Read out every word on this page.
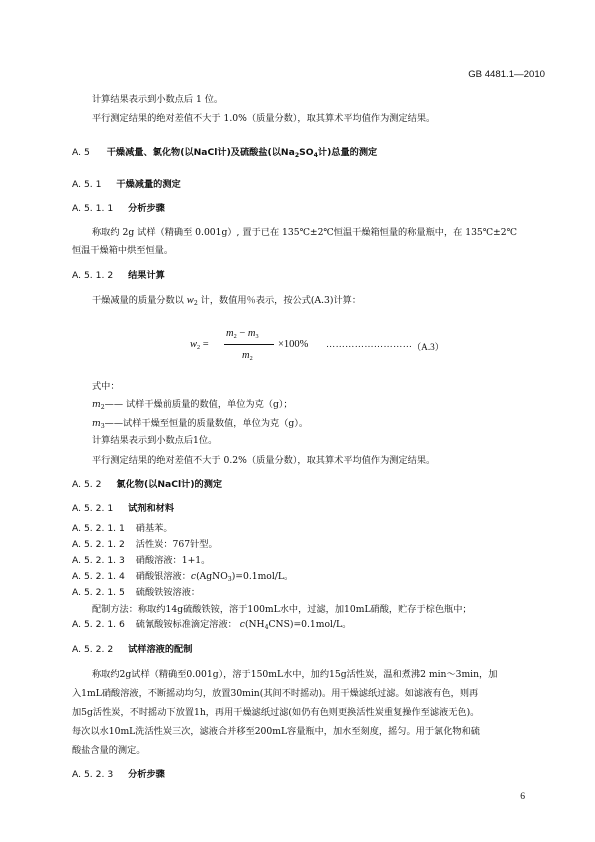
GB 4481.1—2010
计算结果表示到小数点后 1 位。
平行测定结果的绝对差值不大于 1.0%（质量分数），取其算术平均值作为测定结果。
A. 5 干燥减量、氯化物(以NaCl计)及硫酸盐(以$Na_2SO_4$计)总量的测定
A. 5. 1 干燥减量的测定
A. 5. 1. 1 分析步骤
称取约 2g 试样（精确至 0.001g）, 置于已在 135℃±2℃恒温干燥箱恒量的称量瓶中，在 135℃±2℃
恒温干燥箱中烘至恒量。
A. 5. 1. 2 结果计算
干燥减量的质量分数以 $w_2$ 计，数值用％表示，按公式(A.3)计算：
$w_2$ =
$m_2 - m_3$
$m_2$
×100% ……………………… （A.3）
式中：
$m_2——$ 试样干燥前质量的数值，单位为克（g）；
$m_3——$试样干燥至恒量的质量数值，单位为克（g）。
计算结果表示到小数点后1位。
平行测定结果的绝对差值不大于 0.2%（质量分数），取其算术平均值作为测定结果。
A. 5. 2 氯化物(以NaCl计)的测定
A. 5. 2. 1 试剂和材料
A. 5. 2. 1. 1 硝基苯。
A. 5. 2. 1. 2 活性炭：767针型。
A. 5. 2. 1. 3 硝酸溶液：1+1。
A. 5. 2. 1. 4 硝酸银溶液：c(AgNO$_3$)=0.1mol/L。
A. 5. 2. 1. 5 硫酸铁铵溶液：
配制方法：称取约14g硫酸铁铵，溶于100mL水中，过滤，加10mL硝酸，贮存于棕色瓶中；
A. 5. 2. 1. 6 硫氰酸铵标准滴定溶液： $c(NH_4CNS)=0.1mol/L$。
A. 5. 2. 2 试样溶液的配制
称取约2g试样（精确至0.001g），溶于150mL水中，加约15g活性炭，温和煮沸2 min～3min，加
入1mL硝酸溶液，不断摇动均匀，放置30min(其间不时摇动)。用干燥滤纸过滤。如滤液有色，则再
加5g活性炭，不时摇动下放置1h，再用干燥滤纸过滤(如仍有色则更换活性炭重复操作至滤液无色)。
每次以水10mL洗活性炭三次，滤液合并移至200mL容量瓶中，加水至刻度，摇匀。用于氯化物和硫
酸盐含量的测定。
A. 5. 2. 3 分析步骤
6
